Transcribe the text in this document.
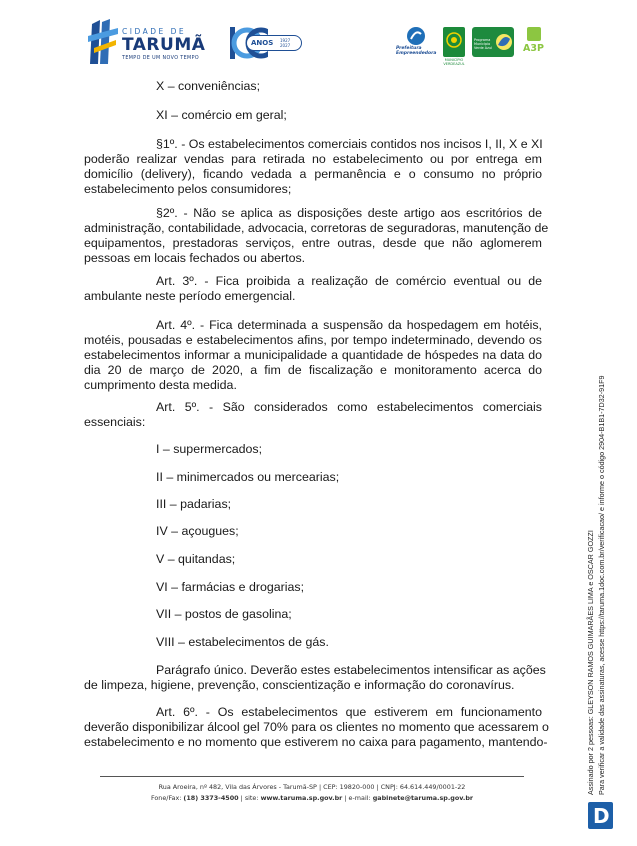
CIDADE DE
TARUMÃ
TEMPO DE UM NOVO TEMPO
ANOS 1927
2027
Prefeitura Empreendedora
MUNICÍPIO VERDEAZUL
Programa Município Verde Azul	A3P
X – conveniências;
XI – comércio em geral;
§1º. - Os estabelecimentos comerciais contidos nos incisos I, II, X e XI
poderão realizar vendas para retirada no estabelecimento ou por entrega em
domicílio (delivery), ficando vedada a permanência e o consumo no próprio
estabelecimento pelos consumidores;
§2º. - Não se aplica as disposições deste artigo aos escritórios de
administração, contabilidade, advocacia, corretoras de seguradoras, manutenção de
equipamentos, prestadoras serviços, entre outras, desde que não aglomerem
pessoas em locais fechados ou abertos.
Art. 3º. - Fica proibida a realização de comércio eventual ou de
ambulante neste período emergencial.
Art. 4º. - Fica determinada a suspensão da hospedagem em hotéis,
motéis, pousadas e estabelecimentos afins, por tempo indeterminado, devendo os
estabelecimentos informar a municipalidade a quantidade de hóspedes na data do
dia 20 de março de 2020, a fim de fiscalização e monitoramento acerca do
cumprimento desta medida.
Art. 5º. - São considerados como estabelecimentos comerciais
essenciais:
I – supermercados;
II – minimercados ou mercearias;
III – padarias;
IV – açougues;
V – quitandas;
VI – farmácias e drogarias;
VII – postos de gasolina;
VIII – estabelecimentos de gás.
Parágrafo único. Deverão estes estabelecimentos intensificar as ações
de limpeza, higiene, prevenção, conscientização e informação do coronavírus.
Art. 6º. - Os estabelecimentos que estiverem em funcionamento
deverão disponibilizar álcool gel 70% para os clientes no momento que acessarem o
estabelecimento e no momento que estiverem no caixa para pagamento, mantendo-
Rua Aroeira, nº 482, Vila das Árvores - Tarumã-SP | CEP: 19820-000 | CNPJ: 64.614.449/0001-22
Fone/Fax: (18) 3373-4500 | site: www.taruma.sp.gov.br | e-mail: gabinete@taruma.sp.gov.br
Assinado por 2 pessoas: GLEYSON RAMOS GUIMARÃES LIMA e OSCAR GOZZI Para verificar a validade das assinaturas, acesse https://taruma.1doc.com.br/verificacao/ e informe o código 2904-B1B1-7D32-91F9
D
